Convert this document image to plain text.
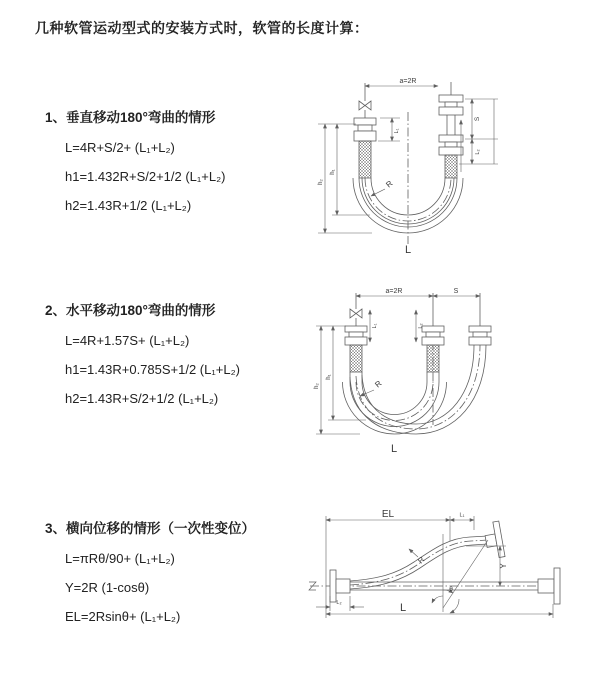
几种软管运动型式的安装方式时，软管的长度计算：
1、垂直移动180°弯曲的情形
L=4R+S/2+ (L₁+L₂)
h1=1.432R+S/2+1/2 (L₁+L₂)
h2=1.43R+1/2 (L₁+L₂)
2、水平移动180°弯曲的情形
L=4R+1.57S+ (L₁+L₂)
h1=1.43R+0.785S+1/2 (L₁+L₂)
h2=1.43R+S/2+1/2 (L₁+L₂)
3、横向位移的情形（一次性变位）
L=πRθ/90+ (L₁+L₂)
Y=2R (1-cosθ)
EL=2Rsinθ+ (L₁+L₂)
a=2R
L₁
S
L₂
h₁
h₂	R
L
a=2R	S
L₁	L₂
h₁
h₂	R
L
EL	L₁
Y
R
θ
L₂	L
